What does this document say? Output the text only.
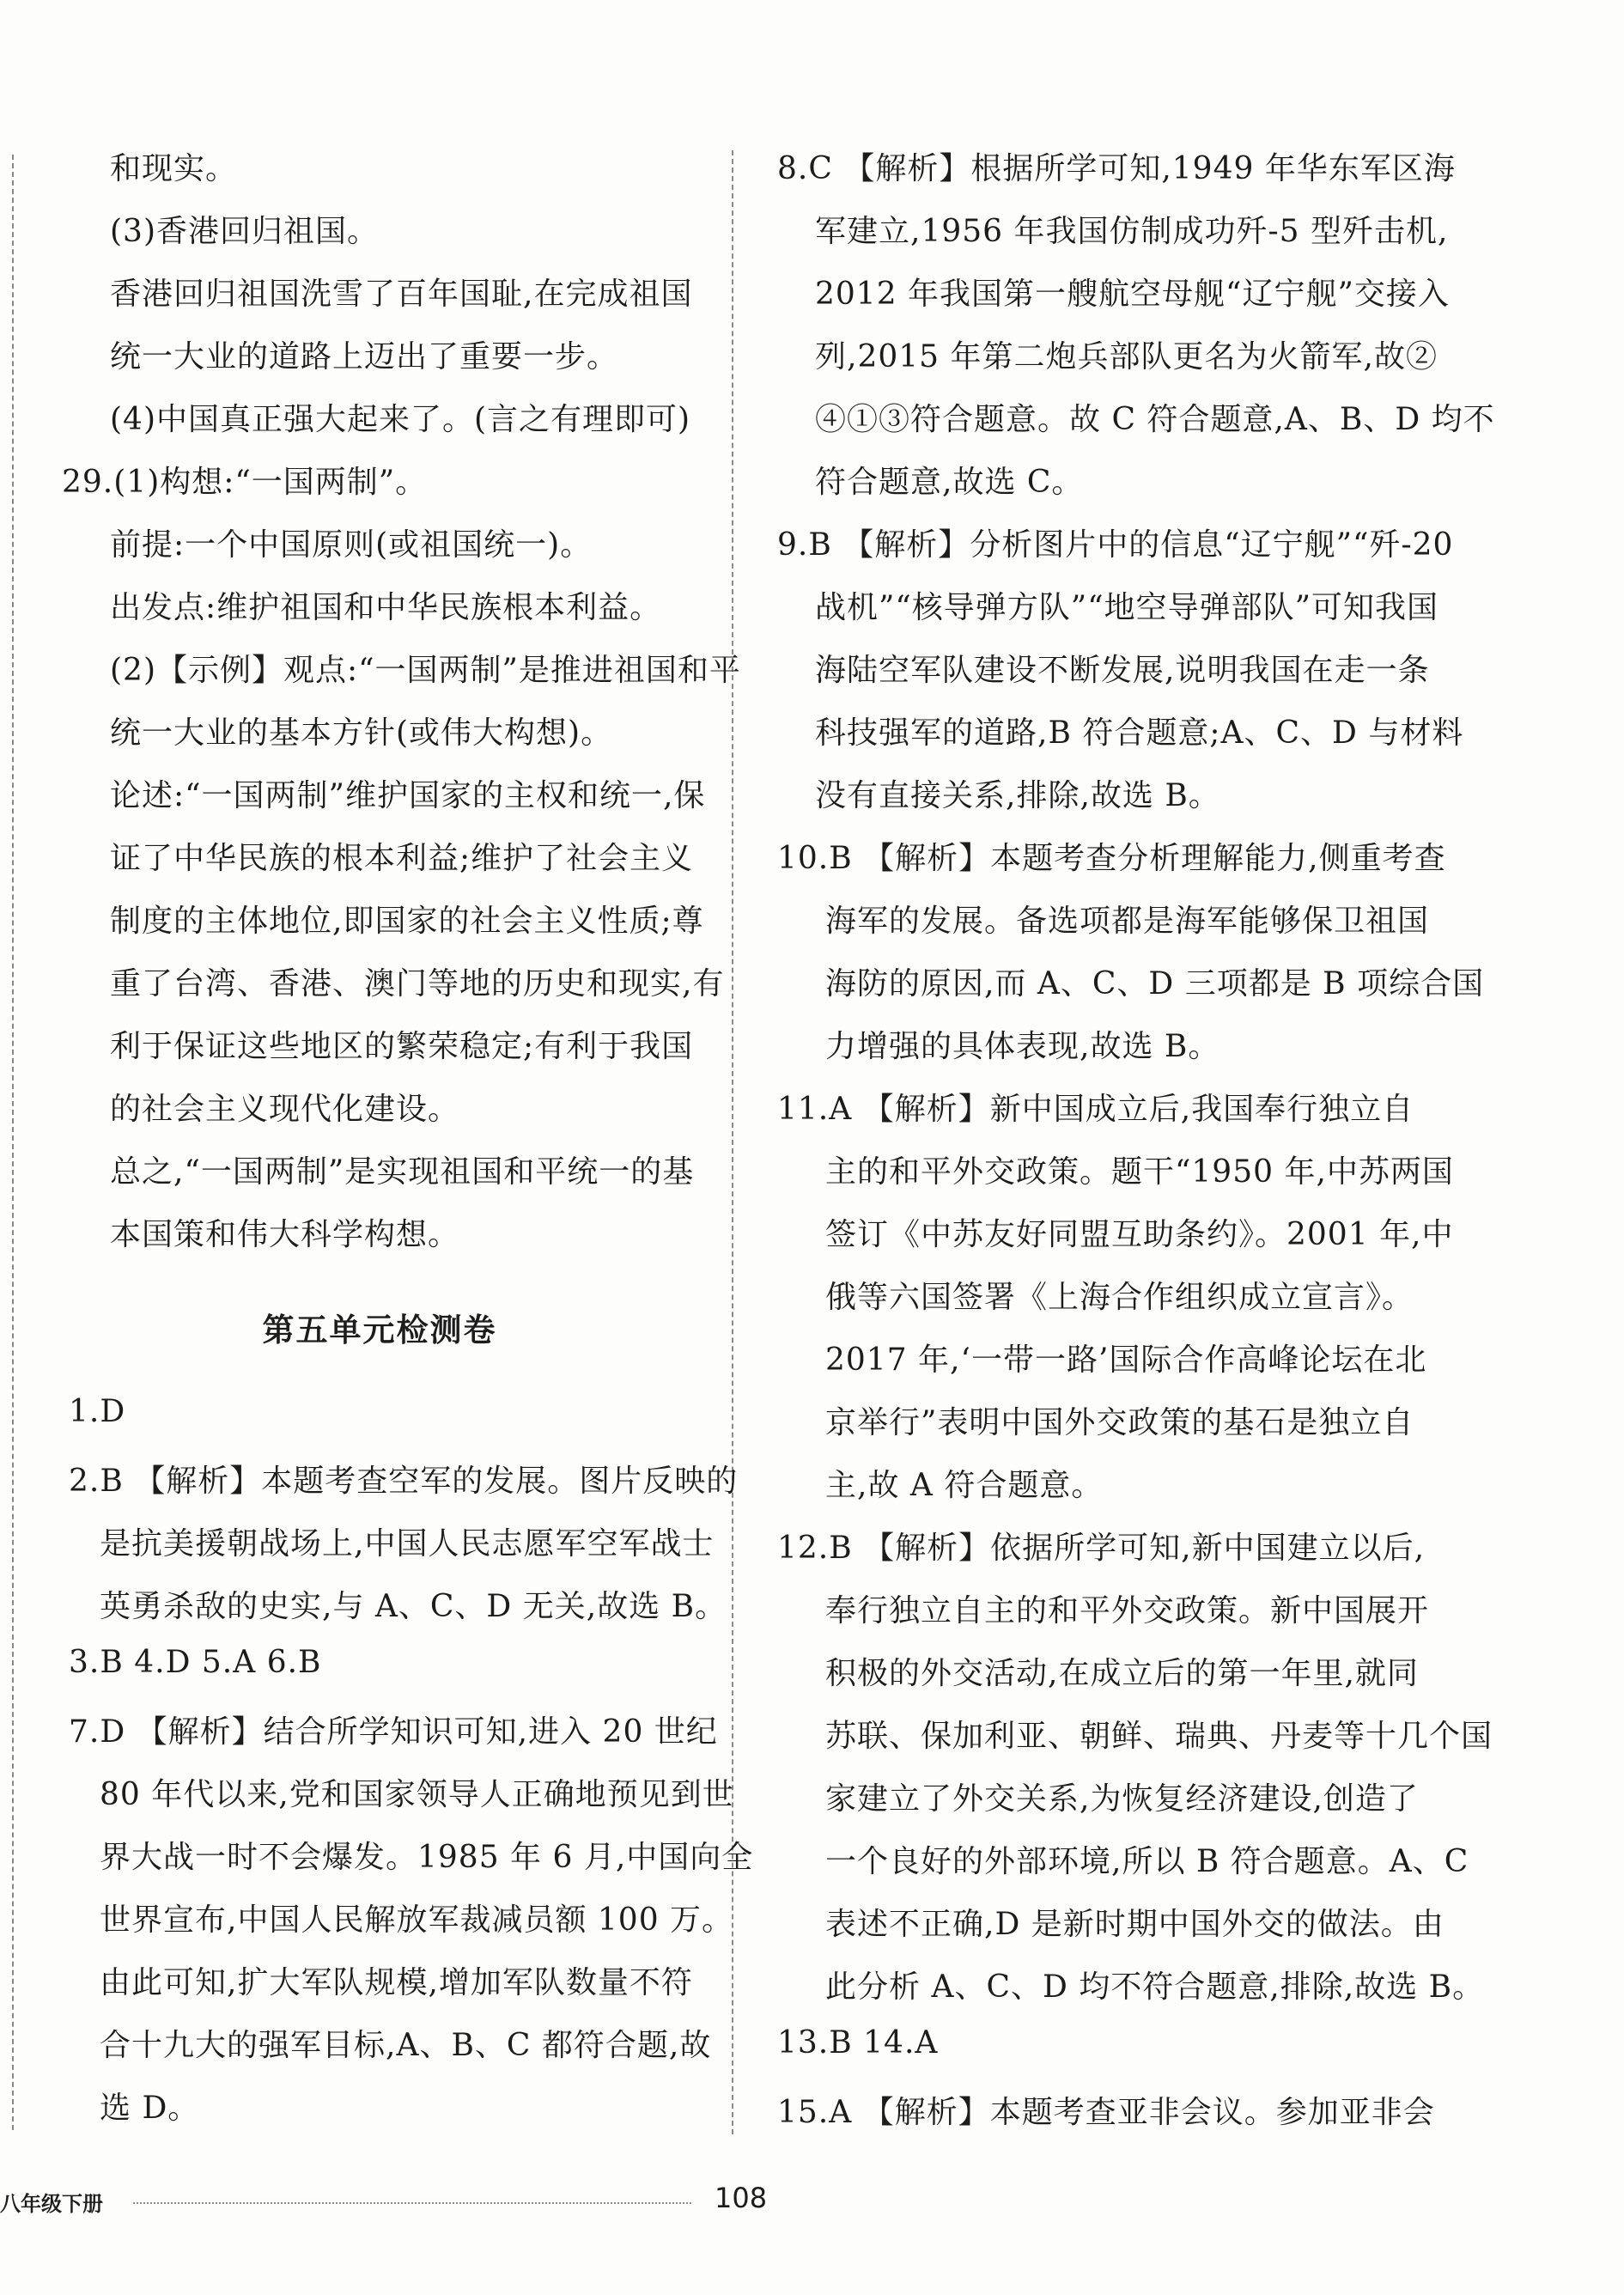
和现实。
(3)香港回归祖国。
香港回归祖国洗雪了百年国耻,在完成祖国
统一大业的道路上迈出了重要一步。
(4)中国真正强大起来了。(言之有理即可)
29.(1)构想:“一国两制”。
前提:一个中国原则(或祖国统一)。
出发点:维护祖国和中华民族根本利益。
(2)【示例】观点:“一国两制”是推进祖国和平
统一大业的基本方针(或伟大构想)。
论述:“一国两制”维护国家的主权和统一,保
证了中华民族的根本利益;维护了社会主义
制度的主体地位,即国家的社会主义性质;尊
重了台湾、香港、澳门等地的历史和现实,有
利于保证这些地区的繁荣稳定;有利于我国
的社会主义现代化建设。
总之,“一国两制”是实现祖国和平统一的基
本国策和伟大科学构想。
第五单元检测卷
1.D
2.B 【解析】本题考查空军的发展。图片反映的
是抗美援朝战场上,中国人民志愿军空军战士
英勇杀敌的史实,与 A、C、D 无关,故选 B。
3.B 4.D 5.A 6.B
7.D 【解析】结合所学知识可知,进入 20 世纪
80 年代以来,党和国家领导人正确地预见到世
界大战一时不会爆发。1985 年 6 月,中国向全
世界宣布,中国人民解放军裁减员额 100 万。
由此可知,扩大军队规模,增加军队数量不符
合十九大的强军目标,A、B、C 都符合题,故
选 D。
8.C 【解析】根据所学可知,1949 年华东军区海
军建立,1956 年我国仿制成功歼-5 型歼击机,
2012 年我国第一艘航空母舰“辽宁舰”交接入
列,2015 年第二炮兵部队更名为火箭军,故②
④①③符合题意。故 C 符合题意,A、B、D 均不
符合题意,故选 C。
9.B 【解析】分析图片中的信息“辽宁舰”“歼-20
战机”“核导弹方队”“地空导弹部队”可知我国
海陆空军队建设不断发展,说明我国在走一条
科技强军的道路,B 符合题意;A、C、D 与材料
没有直接关系,排除,故选 B。
10.B 【解析】本题考查分析理解能力,侧重考查
海军的发展。备选项都是海军能够保卫祖国
海防的原因,而 A、C、D 三项都是 B 项综合国
力增强的具体表现,故选 B。
11.A 【解析】新中国成立后,我国奉行独立自
主的和平外交政策。题干“1950 年,中苏两国
签订《中苏友好同盟互助条约》。2001 年,中
俄等六国签署《上海合作组织成立宣言》。
2017 年,‘一带一路’国际合作高峰论坛在北
京举行”表明中国外交政策的基石是独立自
主,故 A 符合题意。
12.B 【解析】依据所学可知,新中国建立以后,
奉行独立自主的和平外交政策。新中国展开
积极的外交活动,在成立后的第一年里,就同
苏联、保加利亚、朝鲜、瑞典、丹麦等十几个国
家建立了外交关系,为恢复经济建设,创造了
一个良好的外部环境,所以 B 符合题意。A、C
表述不正确,D 是新时期中国外交的做法。由
此分析 A、C、D 均不符合题意,排除,故选 B。
13.B 14.A
15.A 【解析】本题考查亚非会议。参加亚非会
八年级下册	108
